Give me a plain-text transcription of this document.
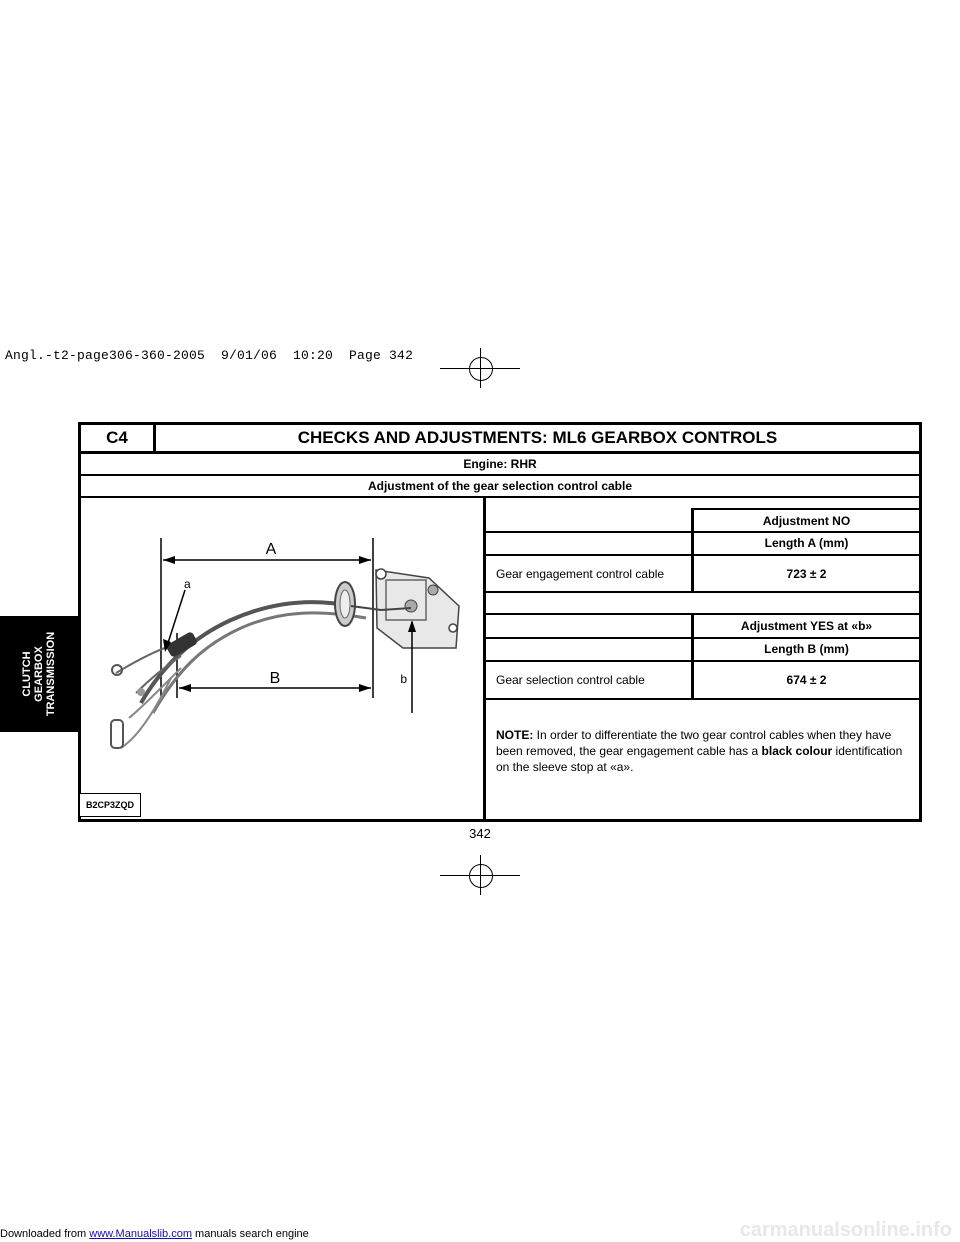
Angl.-t2-page306-360-2005  9/01/06  10:20  Page 342
CLUTCH GEARBOX TRANSMISSION
C4	CHECKS AND ADJUSTMENTS: ML6 GEARBOX CONTROLS
Engine: RHR
Adjustment of the gear selection control cable
A
B
a
b
B2CP3ZQD
Adjustment NO
Length A (mm)
Gear engagement control cable	723 ± 2
Adjustment YES at «b»
Length B (mm)
Gear selection control cable	674 ± 2
NOTE: In order to differentiate the two gear control cables when they have been removed, the gear engagement cable has a black colour identification on the sleeve stop at «a».
342
Downloaded from www.Manualslib.com manuals search engine	carmanualsonline.info
